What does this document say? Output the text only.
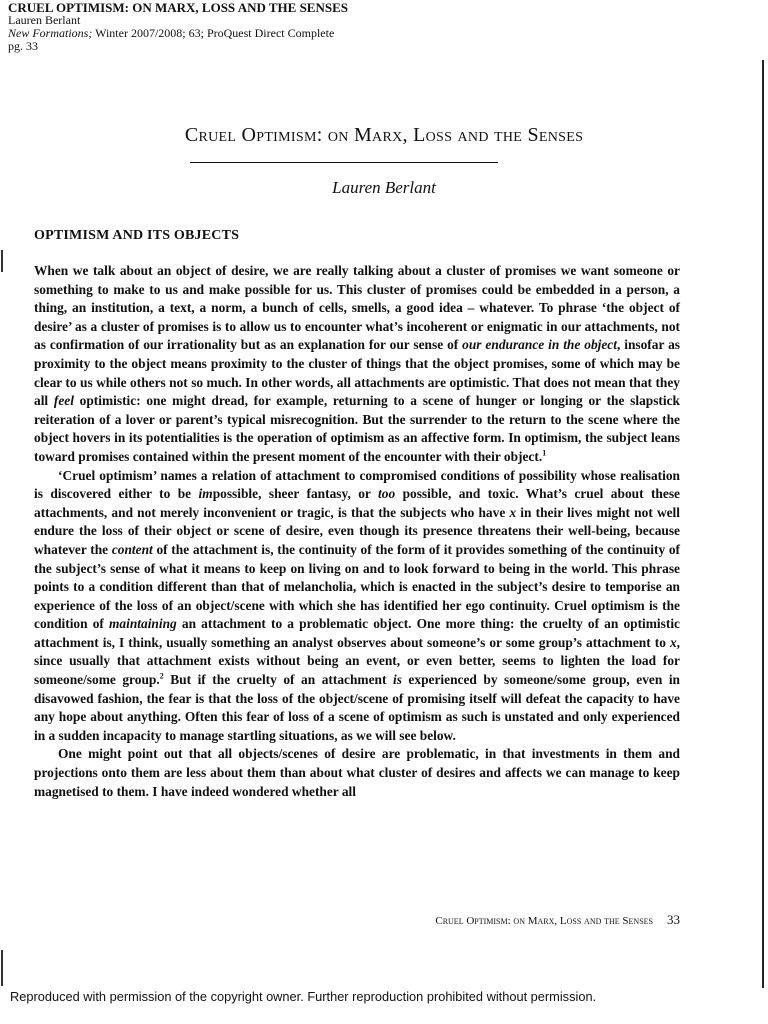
CRUEL OPTIMISM: ON MARX, LOSS AND THE SENSES
Lauren Berlant
New Formations; Winter 2007/2008; 63; ProQuest Direct Complete
pg. 33
Cruel Optimism: on Marx, Loss and the Senses
Lauren Berlant
OPTIMISM AND ITS OBJECTS

When we talk about an object of desire, we are really talking about a cluster of promises we want someone or something to make to us and make possible for us. This cluster of promises could be embedded in a person, a thing, an institution, a text, a norm, a bunch of cells, smells, a good idea – whatever. To phrase ‘the object of desire’ as a cluster of promises is to allow us to encounter what’s incoherent or enigmatic in our attachments, not as confirmation of our irrationality but as an explanation for our sense of our endurance in the object, insofar as proximity to the object means proximity to the cluster of things that the object promises, some of which may be clear to us while others not so much. In other words, all attachments are optimistic. That does not mean that they all feel optimistic: one might dread, for example, returning to a scene of hunger or longing or the slapstick reiteration of a lover or parent’s typical misrecognition. But the surrender to the return to the scene where the object hovers in its potentialities is the operation of optimism as an affective form. In optimism, the subject leans toward promises contained within the present moment of the encounter with their object.$^1$

‘Cruel optimism’ names a relation of attachment to compromised conditions of possibility whose realisation is discovered either to be impossible, sheer fantasy, or too possible, and toxic. What’s cruel about these attachments, and not merely inconvenient or tragic, is that the subjects who have x in their lives might not well endure the loss of their object or scene of desire, even though its presence threatens their well-being, because whatever the content of the attachment is, the continuity of the form of it provides something of the continuity of the subject’s sense of what it means to keep on living on and to look forward to being in the world. This phrase points to a condition different than that of melancholia, which is enacted in the subject’s desire to temporise an experience of the loss of an object/scene with which she has identified her ego continuity. Cruel optimism is the condition of maintaining an attachment to a problematic object. One more thing: the cruelty of an optimistic attachment is, I think, usually something an analyst observes about someone’s or some group’s attachment to x, since usually that attachment exists without being an event, or even better, seems to lighten the load for someone/some group.$^2$ But if the cruelty of an attachment is experienced by someone/some group, even in disavowed fashion, the fear is that the loss of the object/scene of promising itself will defeat the capacity to have any hope about anything. Often this fear of loss of a scene of optimism as such is unstated and only experienced in a sudden incapacity to manage startling situations, as we will see below.

One might point out that all objects/scenes of desire are problematic, in that investments in them and projections onto them are less about them than about what cluster of desires and affects we can manage to keep magnetised to them. I have indeed wondered whether all

Cruel Optimism: on Marx, Loss and the Senses 33
Reproduced with permission of the copyright owner. Further reproduction prohibited without permission.
